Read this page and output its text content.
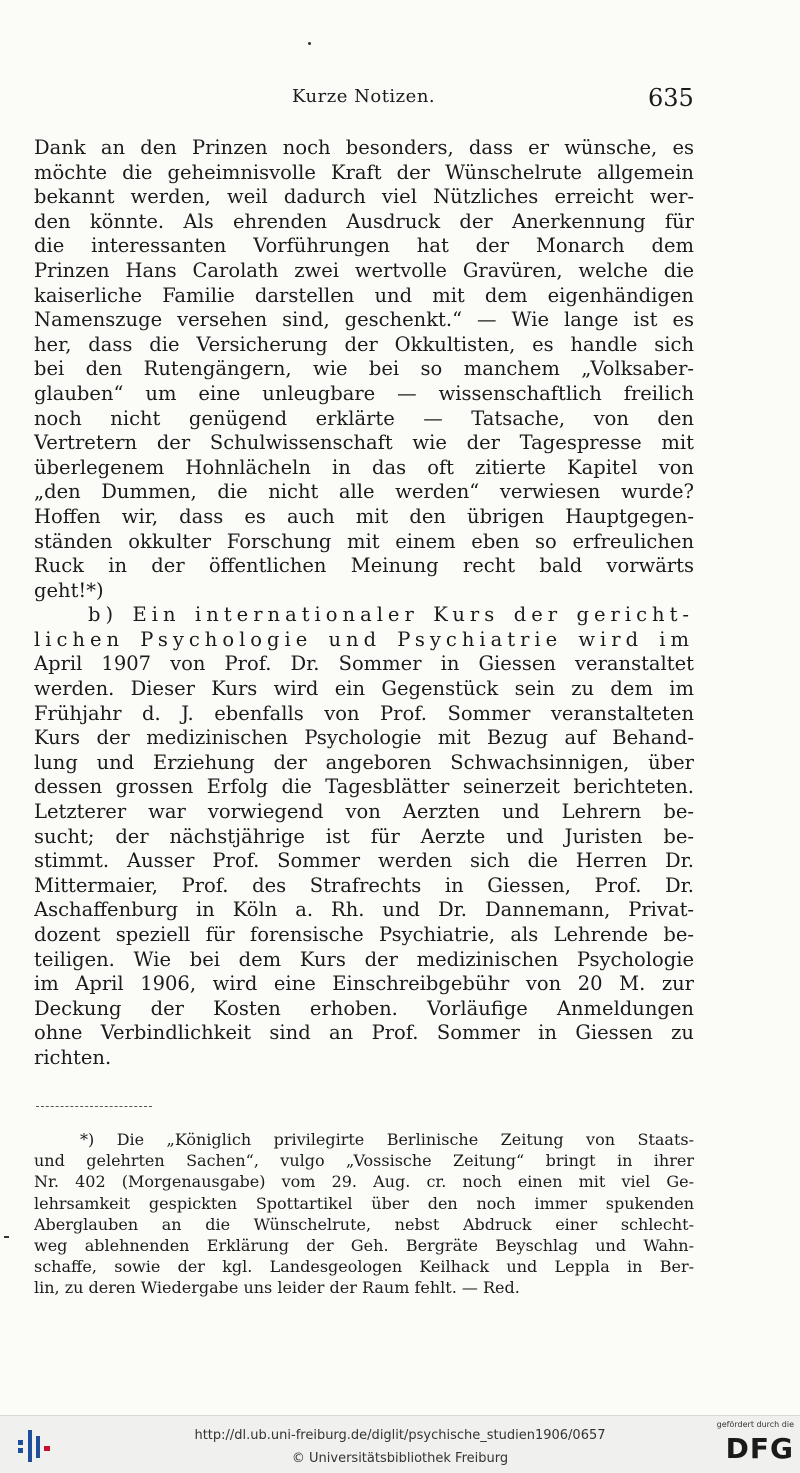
Kurze Notizen.	635
Dank an den Prinzen noch besonders, dass er wünsche, es
möchte die geheimnisvolle Kraft der Wünschelrute allgemein
bekannt werden, weil dadurch viel Nützliches erreicht wer-
den könnte. Als ehrenden Ausdruck der Anerkennung für
die interessanten Vorführungen hat der Monarch dem
Prinzen Hans Carolath zwei wertvolle Gravüren, welche die
kaiserliche Familie darstellen und mit dem eigenhändigen
Namenszuge versehen sind, geschenkt.“ — Wie lange ist es
her, dass die Versicherung der Okkultisten, es handle sich
bei den Rutengängern, wie bei so manchem „Volksaber-
glauben“ um eine unleugbare — wissenschaftlich freilich
noch nicht genügend erklärte — Tatsache, von den
Vertretern der Schulwissenschaft wie der Tagespresse mit
überlegenem Hohnlächeln in das oft zitierte Kapitel von
„den Dummen, die nicht alle werden“ verwiesen wurde?
Hoffen wir, dass es auch mit den übrigen Hauptgegen-
ständen okkulter Forschung mit einem eben so erfreulichen
Ruck in der öffentlichen Meinung recht bald vorwärts
geht!*)
b) Ein internationaler Kurs der gericht-
lichen Psychologie und Psychiatrie wird im
April 1907 von Prof. Dr. Sommer in Giessen veranstaltet
werden. Dieser Kurs wird ein Gegenstück sein zu dem im
Frühjahr d. J. ebenfalls von Prof. Sommer veranstalteten
Kurs der medizinischen Psychologie mit Bezug auf Behand-
lung und Erziehung der angeboren Schwachsinnigen, über
dessen grossen Erfolg die Tagesblätter seinerzeit berichteten.
Letzterer war vorwiegend von Aerzten und Lehrern be-
sucht; der nächstjährige ist für Aerzte und Juristen be-
stimmt. Ausser Prof. Sommer werden sich die Herren Dr.
Mittermaier, Prof. des Strafrechts in Giessen, Prof. Dr.
Aschaffenburg in Köln a. Rh. und Dr. Dannemann, Privat-
dozent speziell für forensische Psychiatrie, als Lehrende be-
teiligen. Wie bei dem Kurs der medizinischen Psychologie
im April 1906, wird eine Einschreibgebühr von 20 M. zur
Deckung der Kosten erhoben. Vorläufige Anmeldungen
ohne Verbindlichkeit sind an Prof. Sommer in Giessen zu
richten.
*) Die „Königlich privilegirte Berlinische Zeitung von Staats-
und gelehrten Sachen“, vulgo „Vossische Zeitung“ bringt in ihrer
Nr. 402 (Morgenausgabe) vom 29. Aug. cr. noch einen mit viel Ge-
lehrsamkeit gespickten Spottartikel über den noch immer spukenden
Aberglauben an die Wünschelrute, nebst Abdruck einer schlecht-
weg ablehnenden Erklärung der Geh. Bergräte Beyschlag und Wahn-
schaffe, sowie der kgl. Landesgeologen Keilhack und Leppla in Ber-
lin, zu deren Wiedergabe uns leider der Raum fehlt. — Red.
http://dl.ub.uni-freiburg.de/diglit/psychische_studien1906/0657
© Universitätsbibliothek Freiburg
gefördert durch die
DFG
